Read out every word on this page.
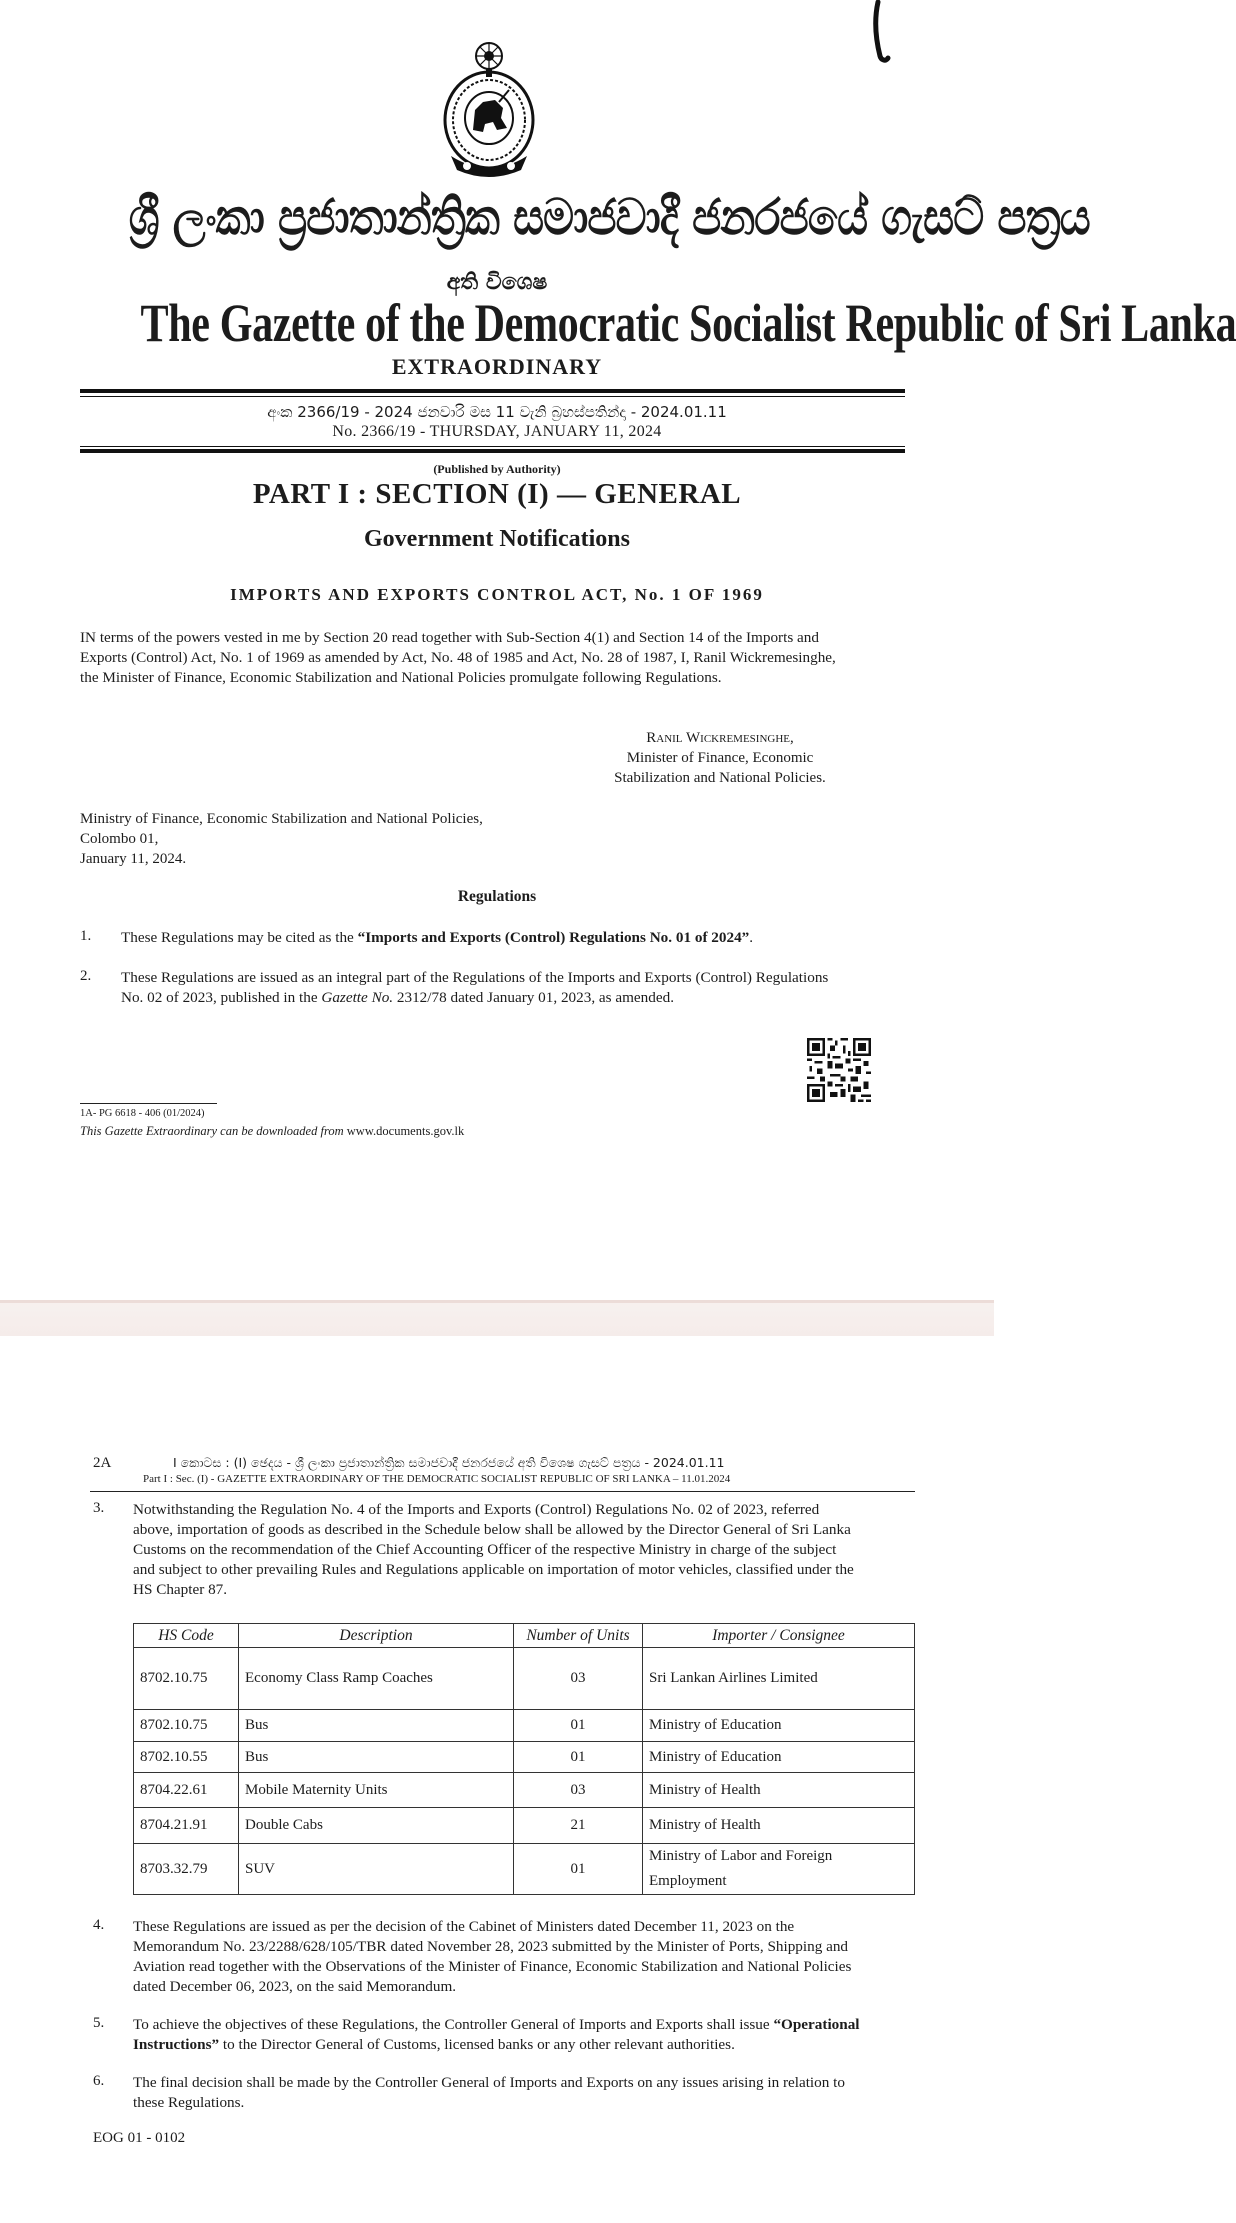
ශ්‍රී ලංකා ප්‍රජාතාන්ත්‍රික සමාජවාදී ජනරජයේ ගැසට් පත්‍රය
අති විශෙෂ
The Gazette of the Democratic Socialist Republic of Sri Lanka
EXTRAORDINARY
අංක 2366/19 - 2024 ජනවාරි මස 11 වැනි බ්‍රහස්පතින්දා - 2024.01.11
No. 2366/19 - THURSDAY, JANUARY 11, 2024
(Published by Authority)
PART I : SECTION (I) — GENERAL
Government Notifications
IMPORTS AND EXPORTS CONTROL ACT, No. 1 OF 1969
IN terms of the powers vested in me by Section 20 read together with Sub-Section 4(1) and Section 14 of the Imports and
Exports (Control) Act, No. 1 of 1969 as amended by Act, No. 48 of 1985 and Act, No. 28 of 1987, I, Ranil Wickremesinghe,
the Minister of Finance, Economic Stabilization and National Policies promulgate following Regulations.
Ranil Wickremesinghe,
Minister of Finance, Economic
Stabilization and National Policies.
Ministry of Finance, Economic Stabilization and National Policies,
Colombo 01,
January 11, 2024.
Regulations
1. These Regulations may be cited as the “Imports and Exports (Control) Regulations No. 01 of 2024”.
2. These Regulations are issued as an integral part of the Regulations of the Imports and Exports (Control) Regulations
No. 02 of 2023, published in the Gazette No. 2312/78 dated January 01, 2023, as amended.
1A- PG 6618 - 406 (01/2024)
This Gazette Extraordinary can be downloaded from www.documents.gov.lk
2A	I කොටස : (I) ඡෙදය - ශ්‍රී ලංකා ප්‍රජාතාන්ත්‍රික සමාජවාදී ජනරජයේ අති විශෙෂ ගැසට් පත්‍රය - 2024.01.11
Part I : Sec. (I) - GAZETTE EXTRAORDINARY OF THE DEMOCRATIC SOCIALIST REPUBLIC OF SRI LANKA – 11.01.2024
3. Notwithstanding the Regulation No. 4 of the Imports and Exports (Control) Regulations No. 02 of 2023, referred
above, importation of goods as described in the Schedule below shall be allowed by the Director General of Sri Lanka
Customs on the recommendation of the Chief Accounting Officer of the respective Ministry in charge of the subject
and subject to other prevailing Rules and Regulations applicable on importation of motor vehicles, classified under the
HS Chapter 87.
HS Code	Description	Number of Units	Importer / Consignee
8702.10.75	Economy Class Ramp Coaches	03	Sri Lankan Airlines Limited
8702.10.75	Bus	01	Ministry of Education
8702.10.55	Bus	01	Ministry of Education
8704.22.61	Mobile Maternity Units	03	Ministry of Health
8704.21.91	Double Cabs	21	Ministry of Health
8703.32.79	SUV	01	Ministry of Labor and Foreign
Employment
4. These Regulations are issued as per the decision of the Cabinet of Ministers dated December 11, 2023 on the
Memorandum No. 23/2288/628/105/TBR dated November 28, 2023 submitted by the Minister of Ports, Shipping and
Aviation read together with the Observations of the Minister of Finance, Economic Stabilization and National Policies
dated December 06, 2023, on the said Memorandum.
5. To achieve the objectives of these Regulations, the Controller General of Imports and Exports shall issue “Operational
Instructions” to the Director General of Customs, licensed banks or any other relevant authorities.
6. The final decision shall be made by the Controller General of Imports and Exports on any issues arising in relation to
these Regulations.
EOG 01 - 0102
